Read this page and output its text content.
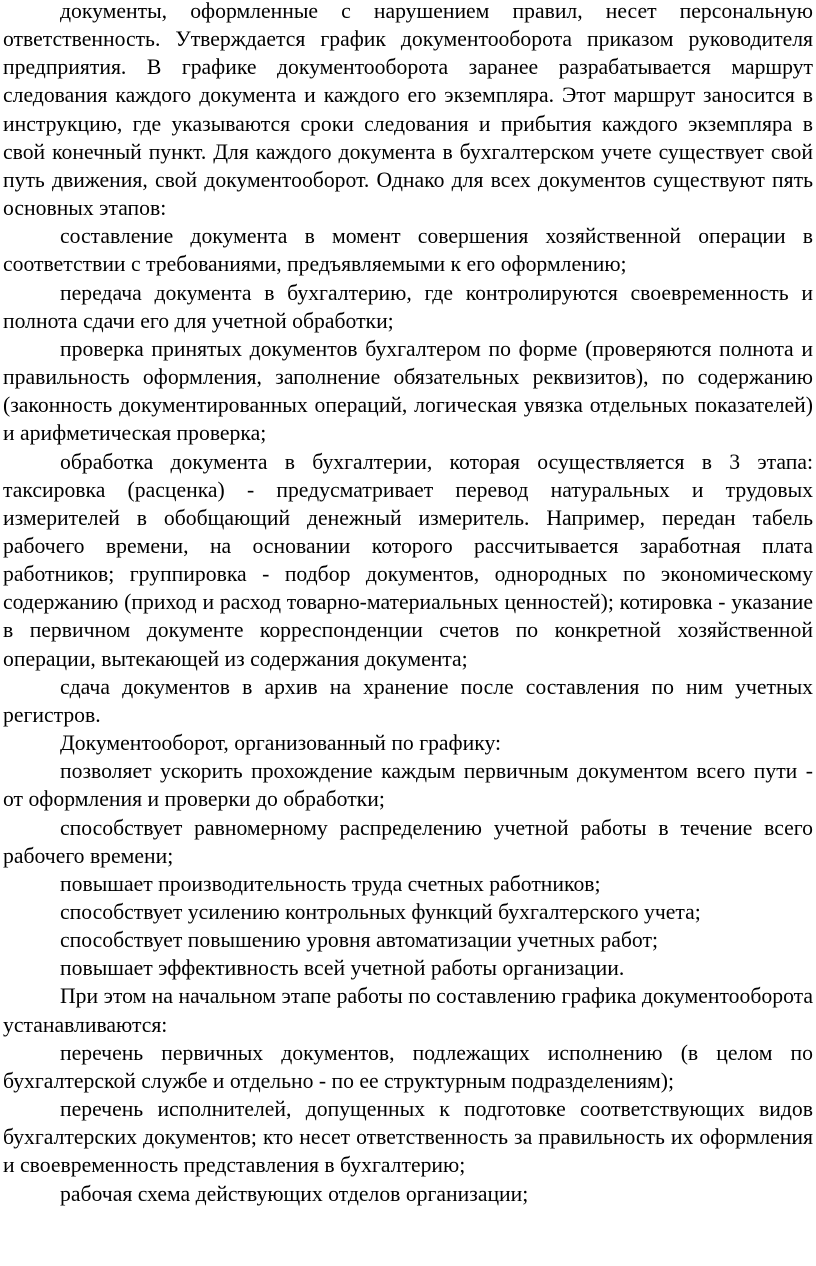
документы, оформленные с нарушением правил, несет персональную ответственность. Утверждается график документооборота приказом руководителя предприятия. В графике документооборота заранее разрабатывается маршрут следования каждого документа и каждого его экземпляра. Этот маршрут заносится в инструкцию, где указываются сроки следования и прибытия каждого экземпляра в свой конечный пункт. Для каждого документа в бухгалтерском учете существует свой путь движения, свой документооборот. Однако для всех документов существуют пять основных этапов:

составление документа в момент совершения хозяйственной операции в соответствии с требованиями, предъявляемыми к его оформлению;

передача документа в бухгалтерию, где контролируются своевременность и полнота сдачи его для учетной обработки;

проверка принятых документов бухгалтером по форме (проверяются полнота и правильность оформления, заполнение обязательных реквизитов), по содержанию (законность документированных операций, логическая увязка отдельных показателей) и арифметическая проверка;

обработка документа в бухгалтерии, которая осуществляется в 3 этапа: таксировка (расценка) - предусматривает перевод натуральных и трудовых измерителей в обобщающий денежный измеритель. Например, передан табель рабочего времени, на основании которого рассчитывается заработная плата работников; группировка - подбор документов, однородных по экономическому содержанию (приход и расход товарно-материальных ценностей); котировка - указание в первичном документе корреспонденции счетов по конкретной хозяйственной операции, вытекающей из содержания документа;

сдача документов в архив на хранение после составления по ним учетных регистров.

Документооборот, организованный по графику:

позволяет ускорить прохождение каждым первичным документом всего пути - от оформления и проверки до обработки;

способствует равномерному распределению учетной работы в течение всего рабочего времени;

повышает производительность труда счетных работников;

способствует усилению контрольных функций бухгалтерского учета;

способствует повышению уровня автоматизации учетных работ;

повышает эффективность всей учетной работы организации.

При этом на начальном этапе работы по составлению графика документооборота устанавливаются:

перечень первичных документов, подлежащих исполнению (в целом по бухгалтерской службе и отдельно - по ее структурным подразделениям);

перечень исполнителей, допущенных к подготовке соответствующих видов бухгалтерских документов; кто несет ответственность за правильность их оформления и своевременность представления в бухгалтерию;

рабочая схема действующих отделов организации;
